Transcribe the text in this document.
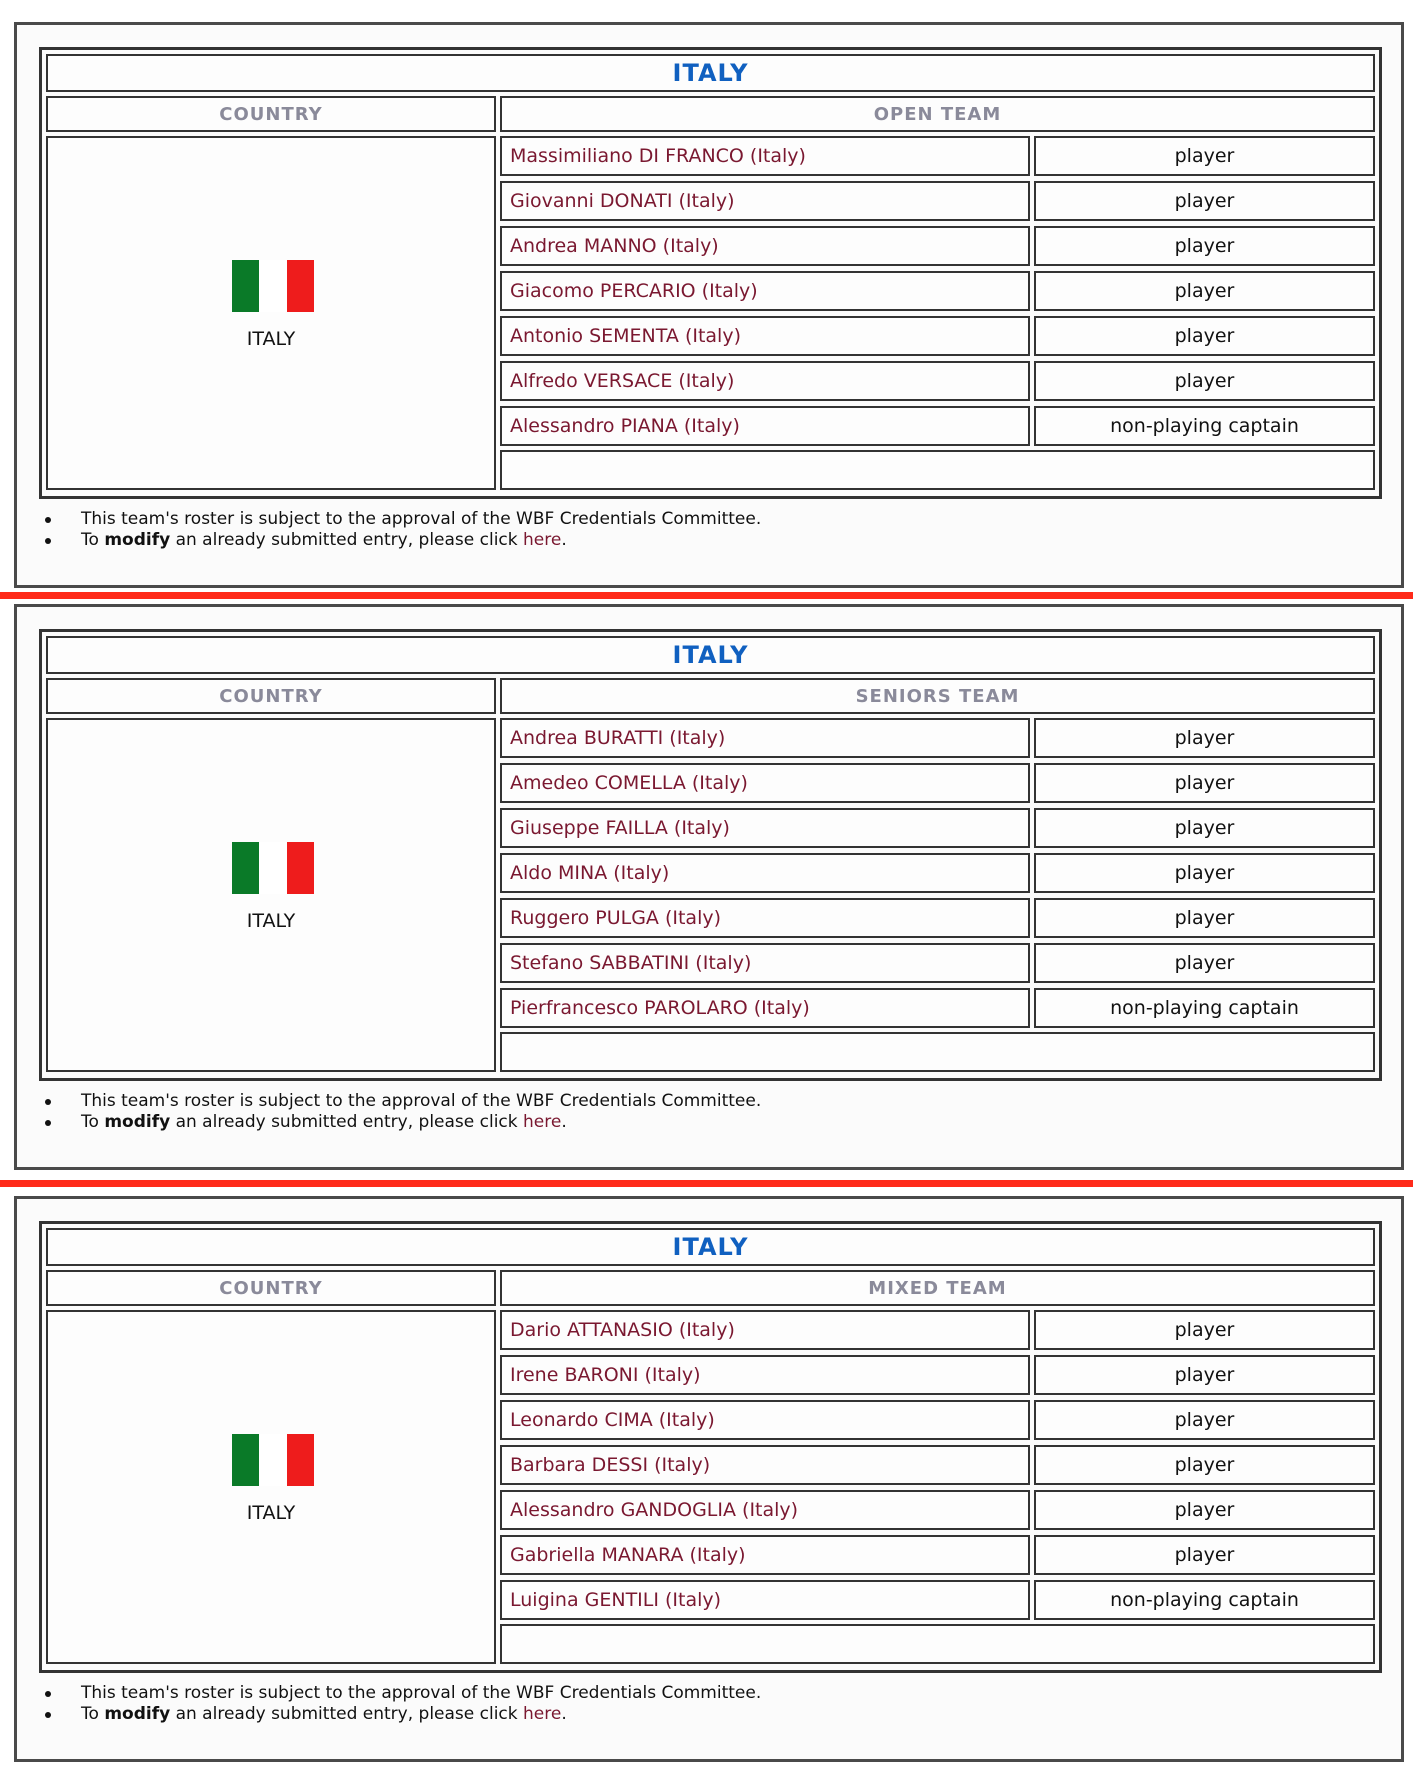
ITALY
COUNTRY	OPEN TEAM
ITALY
Massimiliano DI FRANCO (Italy)	player
Giovanni DONATI (Italy)	player
Andrea MANNO (Italy)	player
Giacomo PERCARIO (Italy)	player
Antonio SEMENTA (Italy)	player
Alfredo VERSACE (Italy)	player
Alessandro PIANA (Italy)	non-playing captain
This team's roster is subject to the approval of the WBF Credentials Committee.
To modify an already submitted entry, please click here.
ITALY
COUNTRY	SENIORS TEAM
ITALY
Andrea BURATTI (Italy)	player
Amedeo COMELLA (Italy)	player
Giuseppe FAILLA (Italy)	player
Aldo MINA (Italy)	player
Ruggero PULGA (Italy)	player
Stefano SABBATINI (Italy)	player
Pierfrancesco PAROLARO (Italy)	non-playing captain
This team's roster is subject to the approval of the WBF Credentials Committee.
To modify an already submitted entry, please click here.
ITALY
COUNTRY	MIXED TEAM
ITALY
Dario ATTANASIO (Italy)	player
Irene BARONI (Italy)	player
Leonardo CIMA (Italy)	player
Barbara DESSI (Italy)	player
Alessandro GANDOGLIA (Italy)	player
Gabriella MANARA (Italy)	player
Luigina GENTILI (Italy)	non-playing captain
This team's roster is subject to the approval of the WBF Credentials Committee.
To modify an already submitted entry, please click here.
